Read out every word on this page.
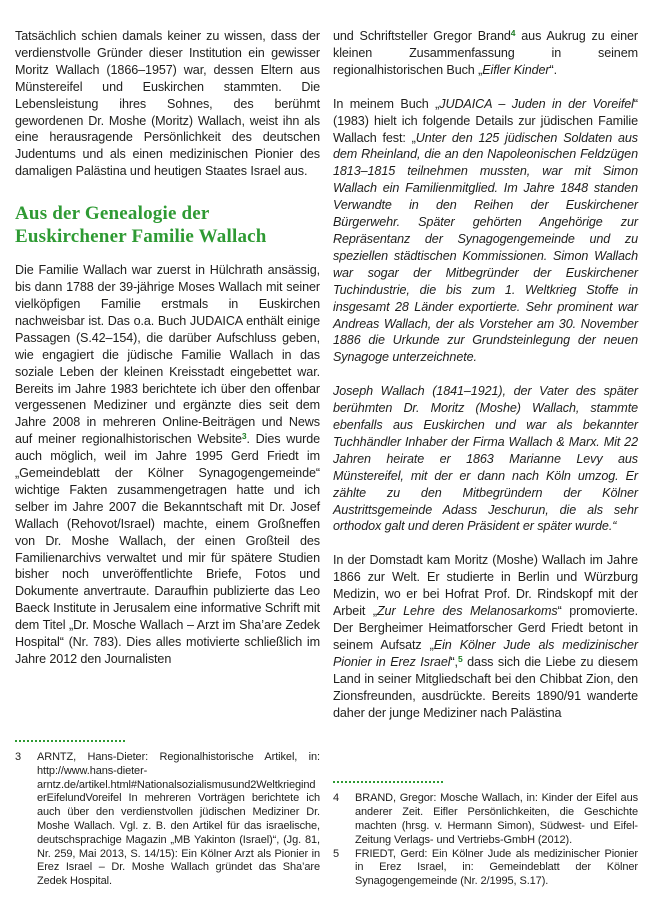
Tatsächlich schien damals keiner zu wissen, dass der verdienstvolle Gründer dieser Institution ein gewisser Moritz Wallach (1866–1957) war, dessen Eltern aus Münstereifel und Euskirchen stammten. Die Lebensleistung ihres Sohnes, des berühmt gewordenen Dr. Moshe (Moritz) Wallach, weist ihn als eine herausragende Persönlichkeit des deutschen Judentums und als einen medizinischen Pionier des damaligen Palästina und heutigen Staates Israel aus.

Aus der Genealogie der
Euskirchener Familie Wallach

Die Familie Wallach war zuerst in Hülchrath ansässig, bis dann 1788 der 39-jährige Moses Wallach mit seiner vielköpfigen Familie erstmals in Euskirchen nachweisbar ist. Das o.a. Buch JUDAICA enthält einige Passagen (S.42–154), die darüber Aufschluss geben, wie engagiert die jüdische Familie Wallach in das soziale Leben der kleinen Kreisstadt eingebettet war. Bereits im Jahre 1983 berichtete ich über den offenbar vergessenen Mediziner und ergänzte dies seit dem Jahre 2008 in mehreren Online-Beiträgen und News auf meiner regionalhistorischen Website$^3$. Dies wurde auch möglich, weil im Jahre 1995 Gerd Friedt im „Gemeindeblatt der Kölner Synagogengemeinde“ wichtige Fakten zusammengetragen hatte und ich selber im Jahre 2007 die Bekanntschaft mit Dr. Josef Wallach (Rehovot/Israel) machte, einem Großneffen von Dr. Moshe Wallach, der einen Großteil des Familienarchivs verwaltet und mir für spätere Studien bisher noch unveröffentlichte Briefe, Fotos und Dokumente anvertraute. Daraufhin publizierte das Leo Baeck Institute in Jerusalem eine informative Schrift mit dem Titel „Dr. Mosche Wallach – Arzt im Sha’are Zedek Hospital“ (Nr. 783). Dies alles motivierte schließlich im Jahre 2012 den Journalisten

3	ARNTZ, Hans-Dieter: Regionalhistorische Artikel, in: http://www.hans-dieter-arntz.de/artikel.html#Nationalsozialismusund2WeltkrieginderEifelundVoreifel In mehreren Vorträgen berichtete ich auch über den verdienstvollen jüdischen Mediziner Dr. Moshe Wallach. Vgl. z. B. den Artikel für das israelische, deutschsprachige Magazin „MB Yakinton (Israel)“, (Jg. 81, Nr. 259, Mai 2013, S. 14/15): Ein Kölner Arzt als Pionier in Erez Israel – Dr. Moshe Wallach gründet das Sha’are Zedek Hospital.

und Schriftsteller Gregor Brand$^4$ aus Aukrug zu einer kleinen Zusammenfassung in seinem regionalhistorischen Buch „Eifler Kinder“.

In meinem Buch „JUDAICA – Juden in der Voreifel“ (1983) hielt ich folgende Details zur jüdischen Familie Wallach fest: „Unter den 125 jüdischen Soldaten aus dem Rheinland, die an den Napoleonischen Feldzügen 1813–1815 teilnehmen mussten, war mit Simon Wallach ein Familienmitglied. Im Jahre 1848 standen Verwandte in den Reihen der Euskirchener Bürgerwehr. Später gehörten Angehörige zur Repräsentanz der Synagogengemeinde und zu speziellen städtischen Kommissionen. Simon Wallach war sogar der Mitbegründer der Euskirchener Tuchindustrie, die bis zum 1. Weltkrieg Stoffe in insgesamt 28 Länder exportierte. Sehr prominent war Andreas Wallach, der als Vorsteher am 30. November 1886 die Urkunde zur Grundsteinlegung der neuen Synagoge unterzeichnete.

Joseph Wallach (1841–1921), der Vater des später berühmten Dr. Moritz (Moshe) Wallach, stammte ebenfalls aus Euskirchen und war als bekannter Tuchhändler Inhaber der Firma Wallach & Marx. Mit 22 Jahren heirate er 1863 Marianne Levy aus Münstereifel, mit der er dann nach Köln umzog. Er zählte zu den Mitbegründern der Kölner Austrittsgemeinde Adass Jeschurun, die als sehr orthodox galt und deren Präsident er später wurde.“

In der Domstadt kam Moritz (Moshe) Wallach im Jahre 1866 zur Welt. Er studierte in Berlin und Würzburg Medizin, wo er bei Hofrat Prof. Dr. Rindskopf mit der Arbeit „Zur Lehre des Melanosarkoms“ promovierte. Der Bergheimer Heimatforscher Gerd Friedt betont in seinem Aufsatz „Ein Kölner Jude als medizinischer Pionier in Erez Israel“,$^5$ dass sich die Liebe zu diesem Land in seiner Mitgliedschaft bei den Chibbat Zion, den Zionsfreunden, ausdrückte. Bereits 1890/91 wanderte daher der junge Mediziner nach Palästina

4	BRAND, Gregor: Mosche Wallach, in: Kinder der Eifel aus anderer Zeit. Eifler Persönlichkeiten, die Geschichte machten (hrsg. v. Hermann Simon), Südwest- und Eifel-Zeitung Verlags- und Vertriebs-GmbH (2012).
5	FRIEDT, Gerd: Ein Kölner Jude als medizinischer Pionier in Erez Israel, in: Gemeindeblatt der Kölner Synagogengemeinde (Nr. 2/1995, S.17).
